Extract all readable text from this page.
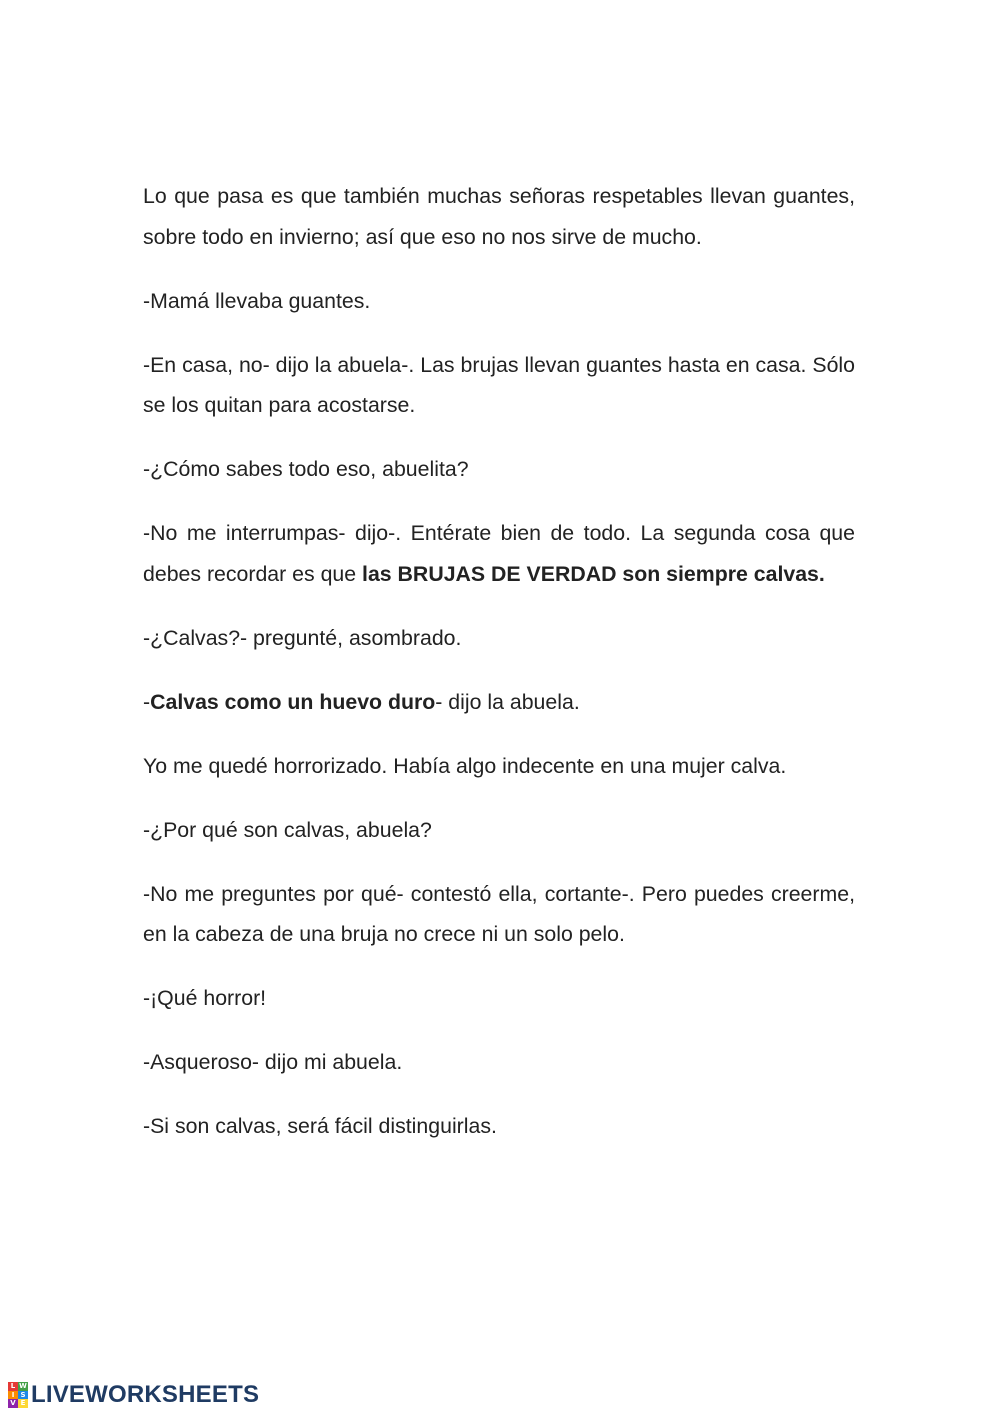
Lo que pasa es que también muchas señoras respetables llevan guantes, sobre todo en invierno; así que eso no nos sirve de mucho.

-Mamá llevaba guantes.

-En casa, no- dijo la abuela-. Las brujas llevan guantes hasta en casa. Sólo se los quitan para acostarse.

-¿Cómo sabes todo eso, abuelita?

-No me interrumpas- dijo-. Entérate bien de todo. La segunda cosa que debes recordar es que las BRUJAS DE VERDAD son siempre calvas.

-¿Calvas?- pregunté, asombrado.

-Calvas como un huevo duro- dijo la abuela.

Yo me quedé horrorizado. Había algo indecente en una mujer calva.

-¿Por qué son calvas, abuela?

-No me preguntes por qué- contestó ella, cortante-. Pero puedes creerme, en la cabeza de una bruja no crece ni un solo pelo.

-¡Qué horror!

-Asqueroso- dijo mi abuela.

-Si son calvas, será fácil distinguirlas.

L W
I S
V E LIVEWORKSHEETS
